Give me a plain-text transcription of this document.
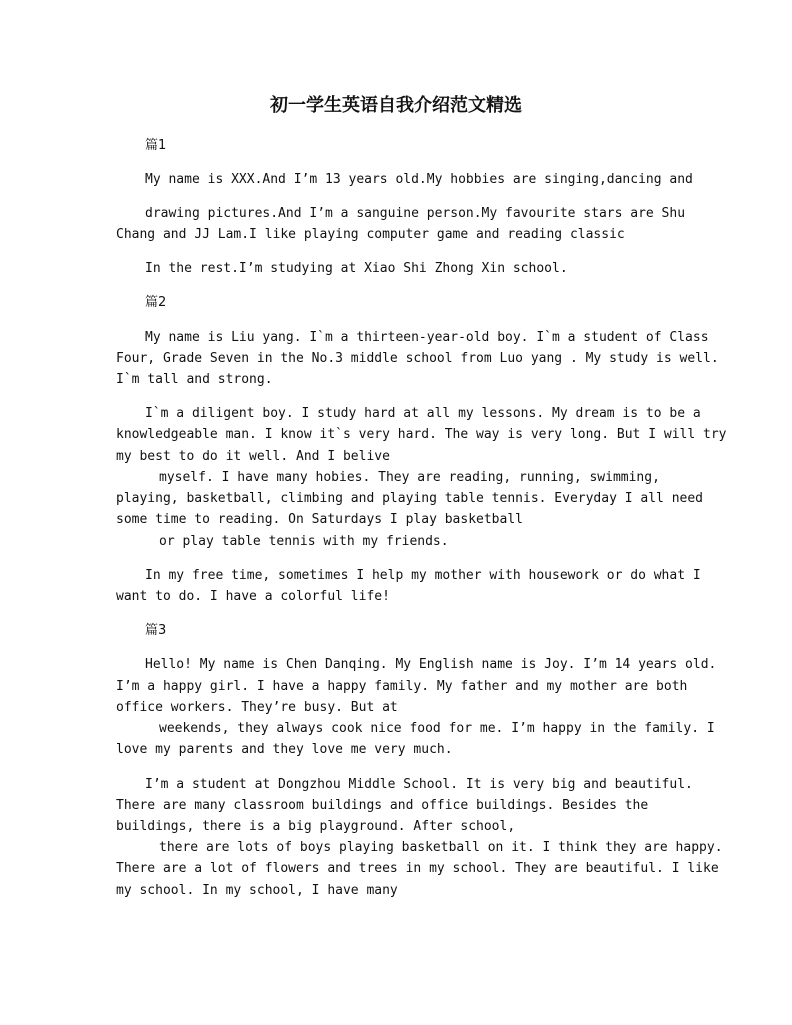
初一学生英语自我介绍范文精选

篇1

My name is XXX.And I’m 13 years old.My hobbies are singing,dancing and

drawing pictures.And I’m a sanguine person.My favourite stars are Shu

Chang and JJ Lam.I like playing computer game and reading classic

In the rest.I’m studying at Xiao Shi Zhong Xin school.

篇2

My name is Liu yang. I`m a thirteen-year-old boy. I`m a student of Class

Four, Grade Seven in the No.3 middle school from Luo yang . My study is well.

I`m tall and strong.

I`m a diligent boy. I study hard at all my lessons. My dream is to be a

knowledgeable man. I know it`s very hard. The way is very long. But I will try

my best to do it well. And I belive

myself. I have many hobies. They are reading, running, swimming,

playing, basketball, climbing and playing table tennis. Everyday I all need

some time to reading. On Saturdays I play basketball

or play table tennis with my friends.

In my free time, sometimes I help my mother with housework or do what I

want to do. I have a colorful life!

篇3

Hello! My name is Chen Danqing. My English name is Joy. I’m 14 years old.

I’m a happy girl. I have a happy family. My father and my mother are both

office workers. They’re busy. But at

weekends, they always cook nice food for me. I’m happy in the family. I

love my parents and they love me very much.

I’m a student at Dongzhou Middle School. It is very big and beautiful.

There are many classroom buildings and office buildings. Besides the

buildings, there is a big playground. After school,

there are lots of boys playing basketball on it. I think they are happy.

There are a lot of flowers and trees in my school. They are beautiful. I like

my school. In my school, I have many
